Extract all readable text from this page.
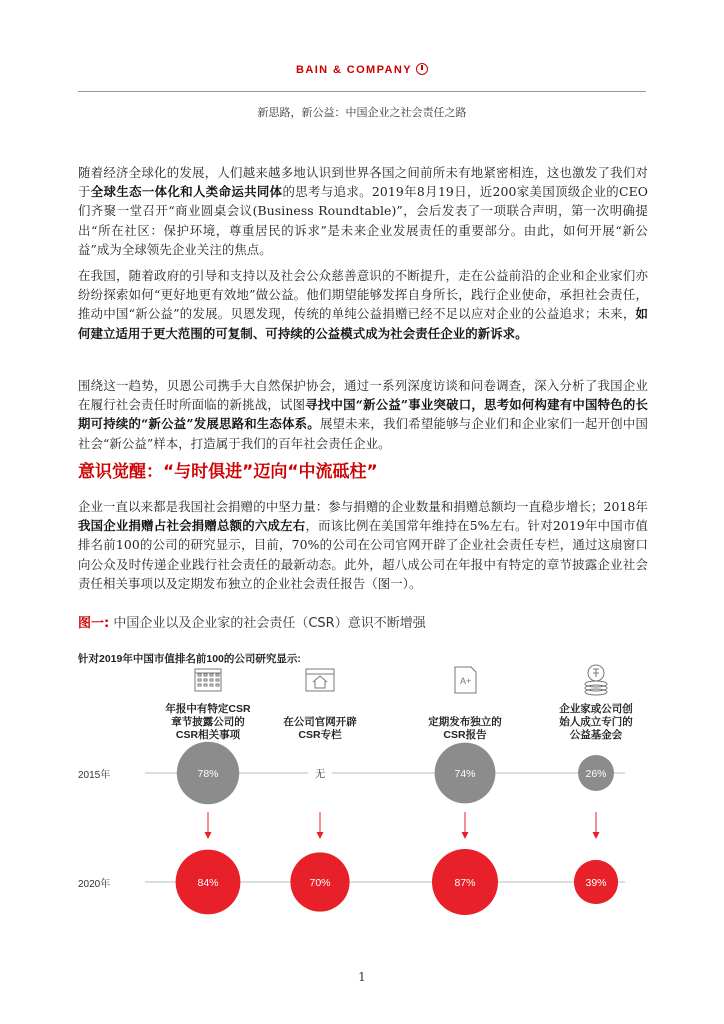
BAIN & COMPANY
新思路，新公益：中国企业之社会责任之路
随着经济全球化的发展，人们越来越多地认识到世界各国之间前所未有地紧密相连，这也激发了我们对于全球生态一体化和人类命运共同体的思考与追求。2019年8月19日，近200家美国顶级企业的CEO们齐聚一堂召开“商业圆桌会议(Business Roundtable)”，会后发表了一项联合声明，第一次明确提出“所在社区：保护环境，尊重居民的诉求”是未来企业发展责任的重要部分。由此，如何开展“新公益”成为全球领先企业关注的焦点。
在我国，随着政府的引导和支持以及社会公众慈善意识的不断提升，走在公益前沿的企业和企业家们亦纷纷探索如何“更好地更有效地”做公益。他们期望能够发挥自身所长，践行企业使命，承担社会责任，推动中国“新公益”的发展。贝恩发现，传统的单纯公益捐赠已经不足以应对企业的公益追求；未来，如何建立适用于更大范围的可复制、可持续的公益模式成为社会责任企业的新诉求。
围绕这一趋势，贝恩公司携手大自然保护协会，通过一系列深度访谈和问卷调查，深入分析了我国企业在履行社会责任时所面临的新挑战，试图寻找中国“新公益”事业突破口，思考如何构建有中国特色的长期可持续的“新公益”发展思路和生态体系。展望未来，我们希望能够与企业们和企业家们一起开创中国社会“新公益”样本，打造属于我们的百年社会责任企业。
意识觉醒：“与时俱进”迈向“中流砥柱”
企业一直以来都是我国社会捐赠的中坚力量：参与捐赠的企业数量和捐赠总额均一直稳步增长；2018年我国企业捐赠占社会捐赠总额的六成左右，而该比例在美国常年维持在5%左右。针对2019年中国市值排名前100的公司的研究显示，目前，70%的公司在公司官网开辟了企业社会责任专栏，通过这扇窗口向公众及时传递企业践行社会责任的最新动态。此外，超八成公司在年报中有特定的章节披露企业社会责任相关事项以及定期发布独立的企业社会责任报告（图一）。
图一: 中国企业以及企业家的社会责任（CSR）意识不断增强
针对2019年中国市值排名前100的公司研究显示:
A+
78%	无	74%	26%
84%	70%	87%	39%
2015年
2020年
年报中有特定CSR
章节披露公司的
CSR相关事项
在公司官网开辟
CSR专栏
定期发布独立的
CSR报告
企业家或公司创
始人成立专门的
公益基金会
1
